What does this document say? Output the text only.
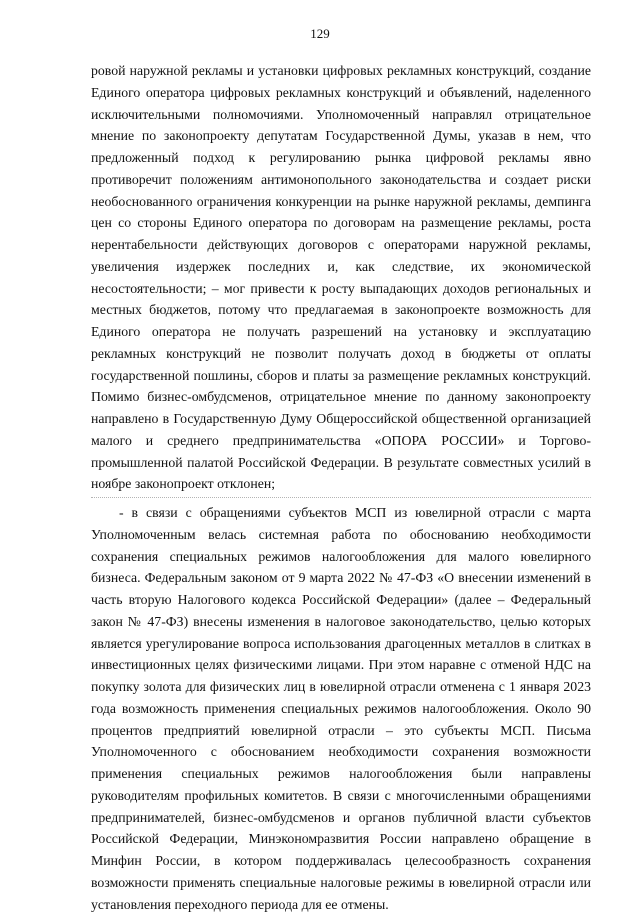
129

ровой наружной рекламы и установки цифровых рекламных конструкций, создание Единого оператора цифровых рекламных конструкций и объявлений, наделенного исключительными полномочиями. Уполномоченный направлял отрицательное мнение по законопроекту депутатам Государственной Думы, указав в нем, что предложенный подход к регулированию рынка цифровой рекламы явно противоречит положениям антимонопольного законодательства и создает риски необоснованного ограничения конкуренции на рынке наружной рекламы, демпинга цен со стороны Единого оператора по договорам на размещение рекламы, роста нерентабельности действующих договоров с операторами наружной рекламы, увеличения издержек последних и, как следствие, их экономической несостоятельности; – мог привести к росту выпадающих доходов региональных и местных бюджетов, потому что предлагаемая в законопроекте возможность для Единого оператора не получать разрешений на установку и эксплуатацию рекламных конструкций не позволит получать доход в бюджеты от оплаты государственной пошлины, сборов и платы за размещение рекламных конструкций. Помимо бизнес-омбудсменов, отрицательное мнение по данному законопроекту направлено в Государственную Думу Общероссийской общественной организацией малого и среднего предпринимательства «ОПОРА РОССИИ» и Торгово-промышленной палатой Российской Федерации. В результате совместных усилий в ноябре законопроект отклонен;

- в связи с обращениями субъектов МСП из ювелирной отрасли с марта Уполномоченным велась системная работа по обоснованию необходимости сохранения специальных режимов налогообложения для малого ювелирного бизнеса. Федеральным законом от 9 марта 2022 № 47-ФЗ «О внесении изменений в часть вторую Налогового кодекса Российской Федерации» (далее – Федеральный закон № 47-ФЗ) внесены изменения в налоговое законодательство, целью которых является урегулирование вопроса использования драгоценных металлов в слитках в инвестиционных целях физическими лицами. При этом наравне с отменой НДС на покупку золота для физических лиц в ювелирной отрасли отменена с 1 января 2023 года возможность применения специальных режимов налогообложения. Около 90 процентов предприятий ювелирной отрасли – это субъекты МСП. Письма Уполномоченного с обоснованием необходимости сохранения возможности применения специальных режимов налогообложения были направлены руководителям профильных комитетов. В связи с многочисленными обращениями предпринимателей, бизнес-омбудсменов и органов публичной власти субъектов Российской Федерации, Минэкономразвития России направлено обращение в Минфин России, в котором поддерживалась целесообразность сохранения возможности применять специальные налоговые режимы в ювелирной отрасли или установления переходного периода для ее отмены.
